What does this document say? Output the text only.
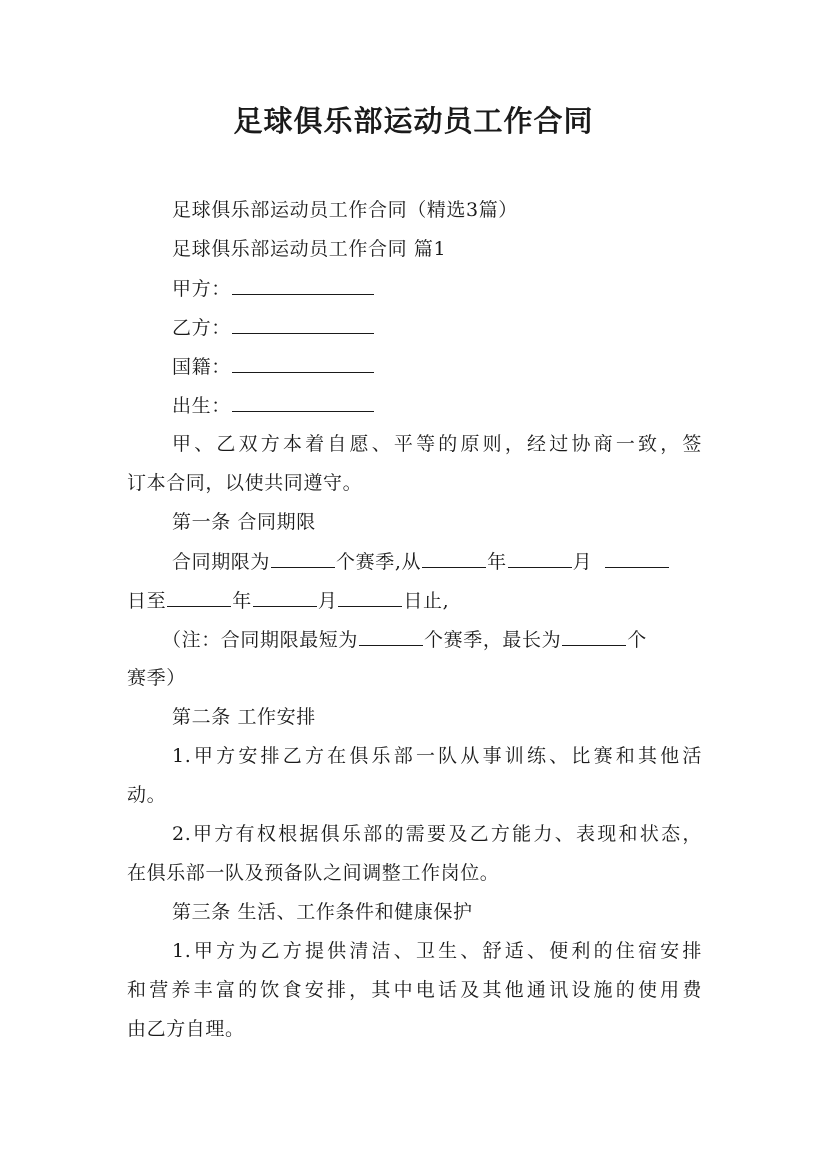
足球俱乐部运动员工作合同
足球俱乐部运动员工作合同（精选3篇）
足球俱乐部运动员工作合同 篇1
甲方：
乙方：
国籍：
出生：
甲、乙双方本着自愿、平等的原则，经过协商一致，签
订本合同，以使共同遵守。
第一条 合同期限
合同期限为	个赛季,从	年	月
日至	年	月	日止,
（注：合同期限最短为	个赛季，最长为	个
赛季）
第二条 工作安排
1.甲方安排乙方在俱乐部一队从事训练、比赛和其他活
动。
2.甲方有权根据俱乐部的需要及乙方能力、表现和状态，
在俱乐部一队及预备队之间调整工作岗位。
第三条 生活、工作条件和健康保护
1.甲方为乙方提供清洁、卫生、舒适、便利的住宿安排
和营养丰富的饮食安排，其中电话及其他通讯设施的使用费
由乙方自理。
